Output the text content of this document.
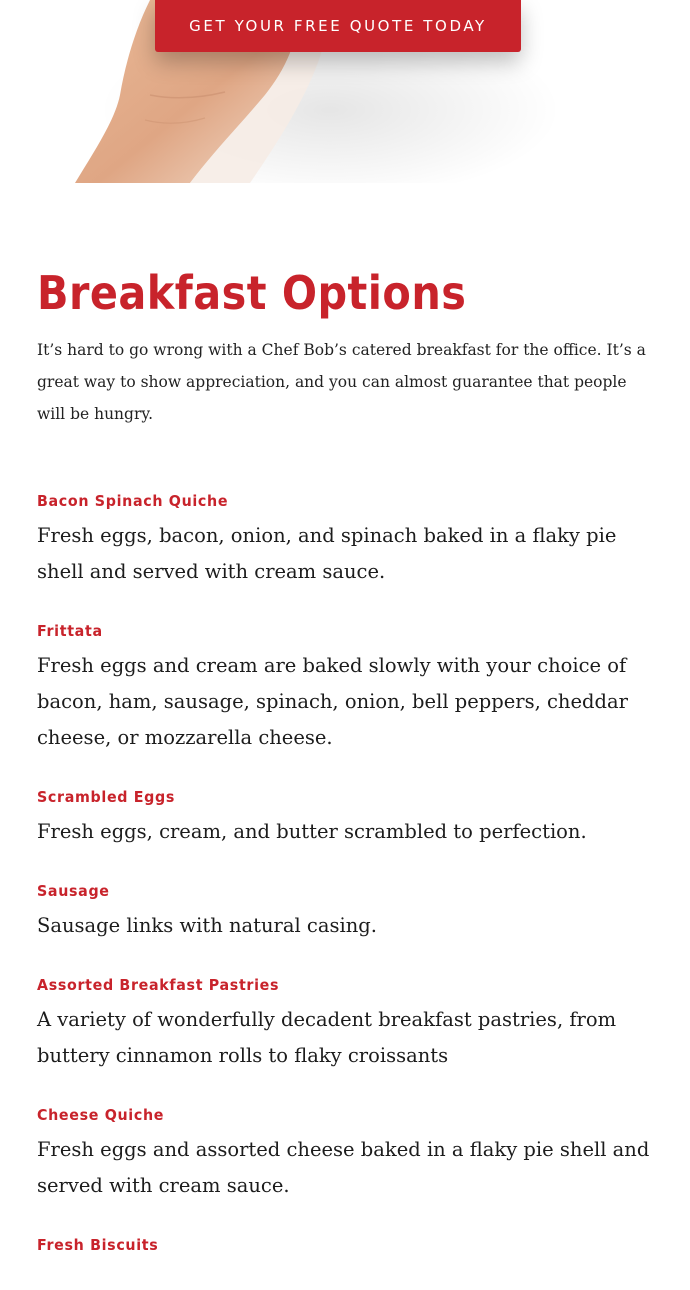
GET YOUR FREE QUOTE TODAY
Breakfast Options

It’s hard to go wrong with a Chef Bob’s catered breakfast for the office. It’s a great way to show appreciation, and you can almost guarantee that people will be hungry.

Bacon Spinach Quiche

Fresh eggs, bacon, onion, and spinach baked in a flaky pie shell and served with cream sauce.

Frittata

Fresh eggs and cream are baked slowly with your choice of bacon, ham, sausage, spinach, onion, bell peppers, cheddar cheese, or mozzarella cheese.

Scrambled Eggs

Fresh eggs, cream, and butter scrambled to perfection.

Sausage

Sausage links with natural casing.

Assorted Breakfast Pastries

A variety of wonderfully decadent breakfast pastries, from buttery cinnamon rolls to flaky croissants

Cheese Quiche

Fresh eggs and assorted cheese baked in a flaky pie shell and served with cream sauce.

Fresh Biscuits
